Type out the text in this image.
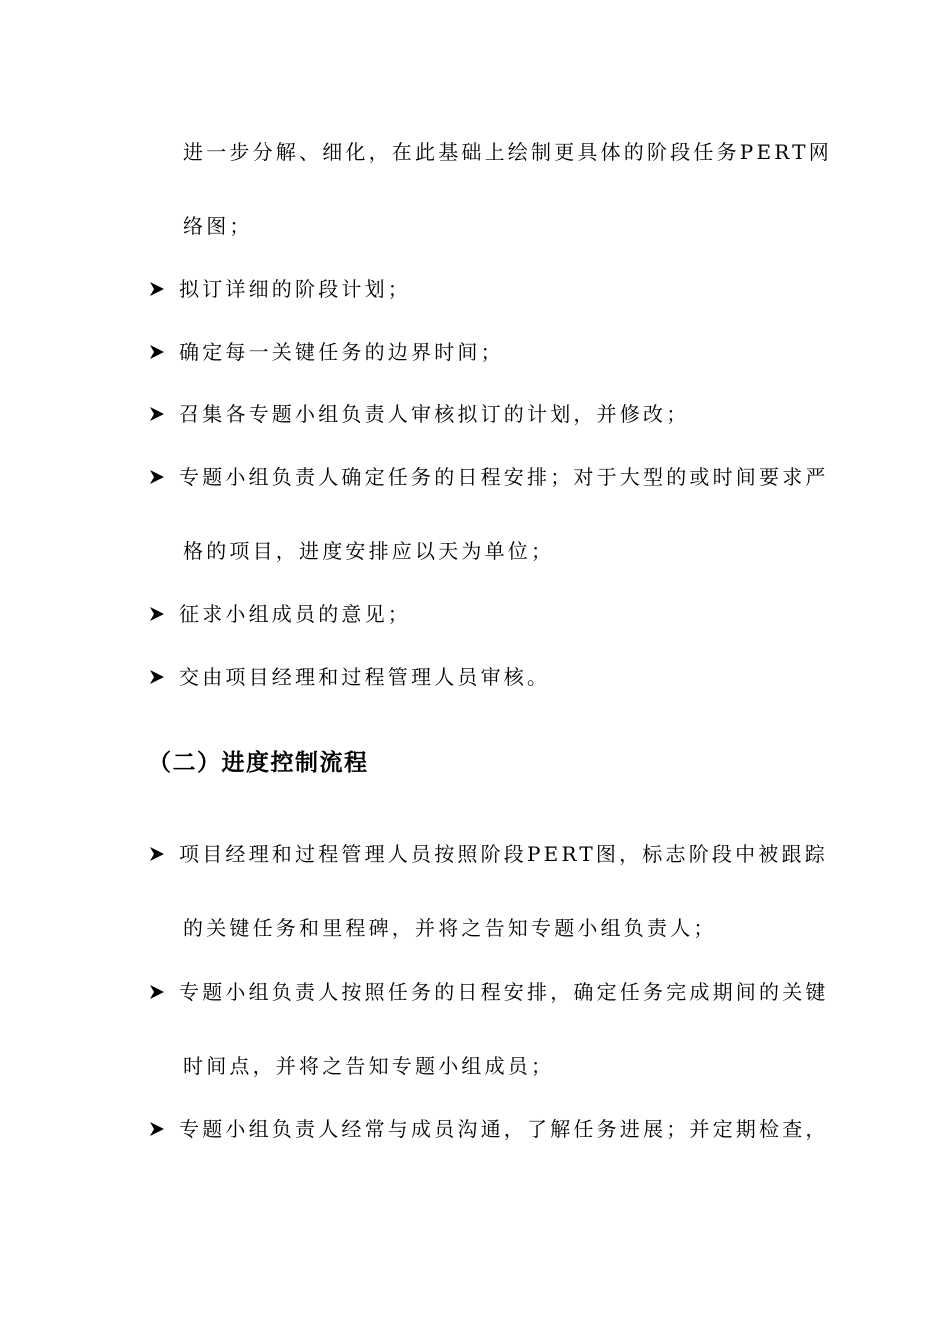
进一步分解、细化，在此基础上绘制更具体的阶段任务PERT网
络图；
拟订详细的阶段计划；
确定每一关键任务的边界时间；
召集各专题小组负责人审核拟订的计划，并修改；
专题小组负责人确定任务的日程安排；对于大型的或时间要求严
格的项目，进度安排应以天为单位；
征求小组成员的意见；
交由项目经理和过程管理人员审核。
（二）进度控制流程
项目经理和过程管理人员按照阶段PERT图，标志阶段中被跟踪
的关键任务和里程碑，并将之告知专题小组负责人；
专题小组负责人按照任务的日程安排，确定任务完成期间的关键
时间点，并将之告知专题小组成员；
专题小组负责人经常与成员沟通，了解任务进展；并定期检查，
